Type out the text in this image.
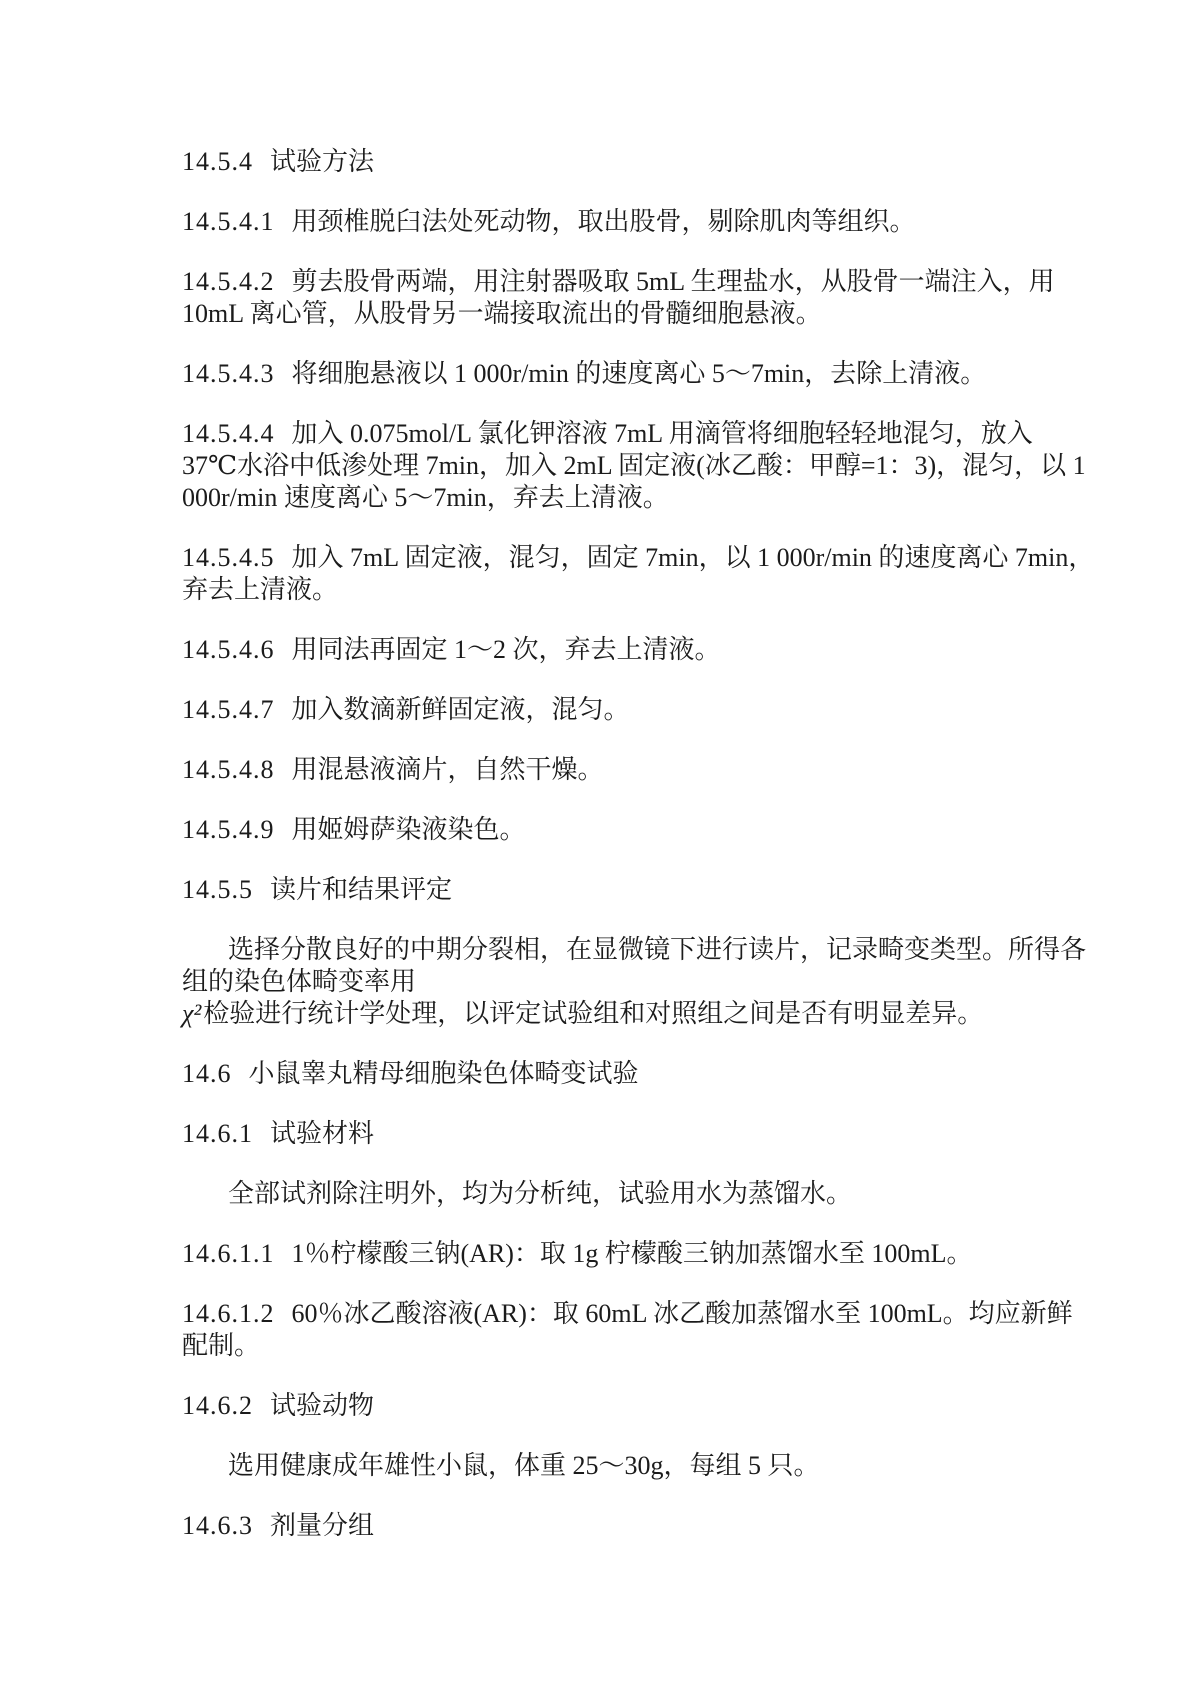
14.5.4 试验方法
14.5.4.1 用颈椎脱臼法处死动物，取出股骨，剔除肌肉等组织。
14.5.4.2 剪去股骨两端，用注射器吸取 5mL 生理盐水，从股骨一端注入，用
10mL 离心管，从股骨另一端接取流出的骨髓细胞悬液。
14.5.4.3 将细胞悬液以 1 000r/min 的速度离心 5～7min，去除上清液。
14.5.4.4 加入 0.075mol/L 氯化钾溶液 7mL 用滴管将细胞轻轻地混匀，放入
37℃水浴中低渗处理 7min，加入 2mL 固定液(冰乙酸：甲醇=1：3)，混匀，以 1
000r/min 速度离心 5～7min，弃去上清液。
14.5.4.5 加入 7mL 固定液，混匀，固定 7min，以 1 000r/min 的速度离心 7min，
弃去上清液。
14.5.4.6 用同法再固定 1～2 次，弃去上清液。
14.5.4.7 加入数滴新鲜固定液，混匀。
14.5.4.8 用混悬液滴片，自然干燥。
14.5.4.9 用姬姆萨染液染色。
14.5.5 读片和结果评定
选择分散良好的中期分裂相，在显微镜下进行读片，记录畸变类型。所得各
组的染色体畸变率用
χ²检验进行统计学处理，以评定试验组和对照组之间是否有明显差异。
14.6 小鼠睾丸精母细胞染色体畸变试验
14.6.1 试验材料
全部试剂除注明外，均为分析纯，试验用水为蒸馏水。
14.6.1.1 1％柠檬酸三钠(AR)：取 1g 柠檬酸三钠加蒸馏水至 100mL。
14.6.1.2 60％冰乙酸溶液(AR)：取 60mL 冰乙酸加蒸馏水至 100mL。均应新鲜
配制。
14.6.2 试验动物
选用健康成年雄性小鼠，体重 25～30g，每组 5 只。
14.6.3 剂量分组
